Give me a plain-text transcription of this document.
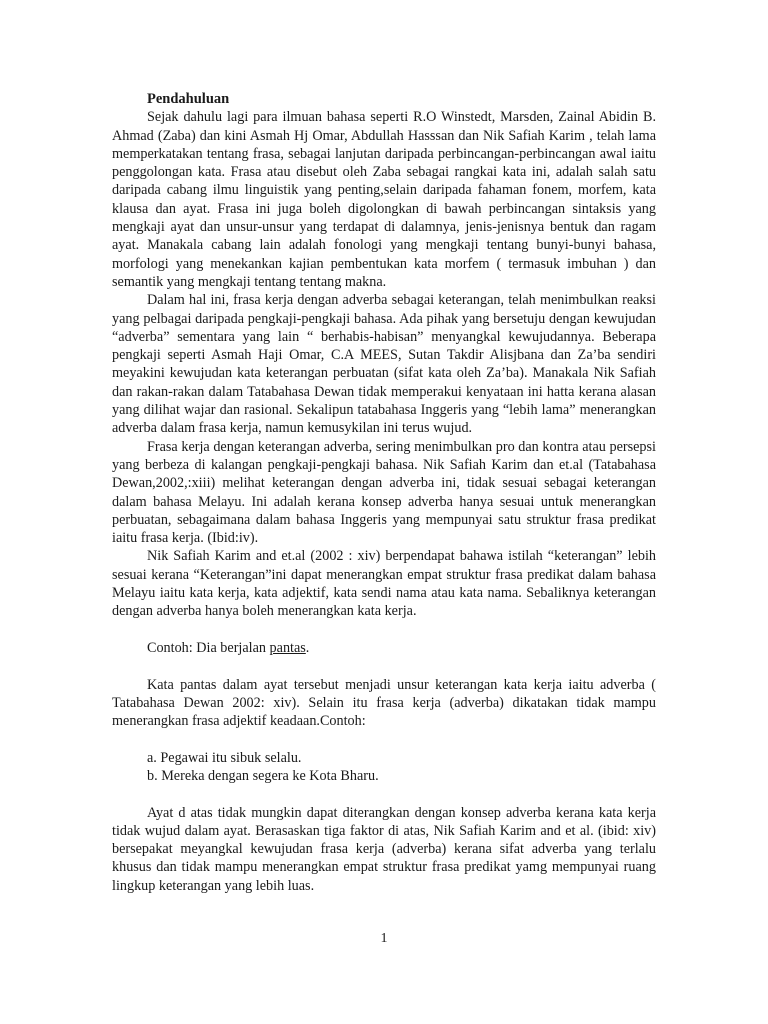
Pendahuluan

Sejak dahulu lagi para ilmuan bahasa seperti R.O Winstedt, Marsden, Zainal Abidin B. Ahmad (Zaba) dan kini Asmah Hj Omar, Abdullah Hasssan dan Nik Safiah Karim , telah lama memperkatakan tentang frasa, sebagai lanjutan daripada perbincangan-perbincangan awal iaitu penggolongan kata. Frasa atau disebut oleh Zaba sebagai rangkai kata ini, adalah salah satu daripada cabang ilmu linguistik yang penting,selain daripada fahaman fonem, morfem, kata klausa dan ayat. Frasa ini juga boleh digolongkan di bawah perbincangan sintaksis yang mengkaji ayat dan unsur-unsur yang terdapat di dalamnya, jenis-jenisnya bentuk dan ragam ayat. Manakala cabang lain adalah fonologi yang mengkaji tentang bunyi-bunyi bahasa, morfologi yang menekankan kajian pembentukan kata morfem ( termasuk imbuhan ) dan semantik yang mengkaji tentang tentang makna.

Dalam hal ini, frasa kerja dengan adverba sebagai keterangan, telah menimbulkan reaksi yang pelbagai daripada pengkaji-pengkaji bahasa. Ada pihak yang bersetuju dengan kewujudan “adverba” sementara yang lain “ berhabis-habisan” menyangkal kewujudannya. Beberapa pengkaji seperti Asmah Haji Omar, C.A MEES, Sutan Takdir Alisjbana dan Za’ba sendiri meyakini kewujudan kata keterangan perbuatan (sifat kata oleh Za’ba). Manakala Nik Safiah dan rakan-rakan dalam Tatabahasa Dewan tidak memperakui kenyataan ini hatta kerana alasan yang dilihat wajar dan rasional. Sekalipun tatabahasa Inggeris yang “lebih lama” menerangkan adverba dalam frasa kerja, namun kemusykilan ini terus wujud.

Frasa kerja dengan keterangan adverba, sering menimbulkan pro dan kontra atau persepsi yang berbeza di kalangan pengkaji-pengkaji bahasa. Nik Safiah Karim dan et.al (Tatabahasa Dewan,2002,:xiii) melihat keterangan dengan adverba ini, tidak sesuai sebagai keterangan dalam bahasa Melayu. Ini adalah kerana konsep adverba hanya sesuai untuk menerangkan perbuatan, sebagaimana dalam bahasa Inggeris yang mempunyai satu struktur frasa predikat iaitu frasa kerja. (Ibid:iv).

Nik Safiah Karim and et.al (2002 : xiv) berpendapat bahawa istilah “keterangan” lebih sesuai kerana “Keterangan”ini dapat menerangkan empat struktur frasa predikat dalam bahasa Melayu iaitu kata kerja, kata adjektif, kata sendi nama atau kata nama. Sebaliknya keterangan dengan adverba hanya boleh menerangkan kata kerja.

Contoh: Dia berjalan pantas.

Kata pantas dalam ayat tersebut menjadi unsur keterangan kata kerja iaitu adverba ( Tatabahasa Dewan 2002: xiv). Selain itu frasa kerja (adverba) dikatakan tidak mampu menerangkan frasa adjektif keadaan.Contoh:

a. Pegawai itu sibuk selalu.
b. Mereka dengan segera ke Kota Bharu.

Ayat d atas tidak mungkin dapat diterangkan dengan konsep adverba kerana kata kerja tidak wujud dalam ayat. Berasaskan tiga faktor di atas, Nik Safiah Karim and et al. (ibid: xiv) bersepakat meyangkal kewujudan frasa kerja (adverba) kerana sifat adverba yang terlalu khusus dan tidak mampu menerangkan empat struktur frasa predikat yamg mempunyai ruang lingkup keterangan yang lebih luas.

1
